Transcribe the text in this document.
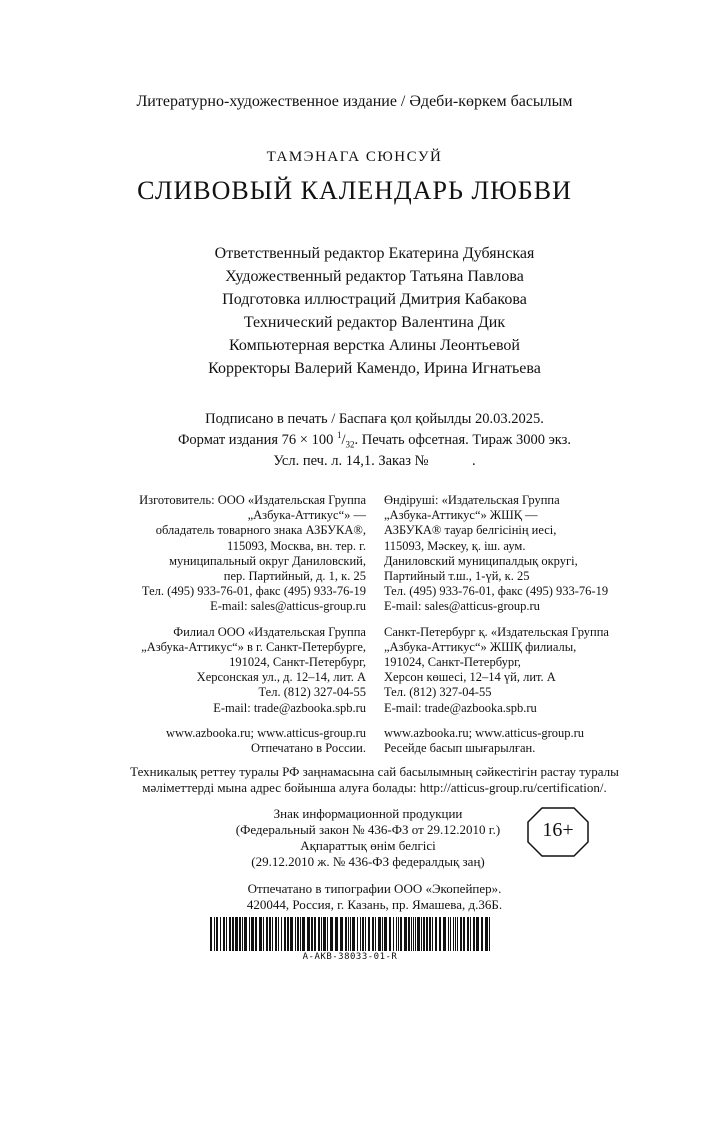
Литературно-художественное издание / Әдеби-көркем басылым
ТАМЭНАГА СЮНСУЙ
СЛИВОВЫЙ КАЛЕНДАРЬ ЛЮБВИ
Ответственный редактор Екатерина Дубянская
Художественный редактор Татьяна Павлова
Подготовка иллюстраций Дмитрия Кабакова
Технический редактор Валентина Дик
Компьютерная верстка Алины Леонтьевой
Корректоры Валерий Камендо, Ирина Игнатьева
Подписано в печать / Баспаға қол қойылды 20.03.2025.
Формат издания 76 × 100 $^1/_{32}$. Печать офсетная. Тираж 3000 экз.
Усл. печ. л. 14,1. Заказ №            .
Изготовитель: ООО «Издательская Группа
„Азбука-Аттикус“» —
обладатель товарного знака АЗБУКА®,
115093, Москва, вн. тер. г.
муниципальный округ Даниловский,
пер. Партийный, д. 1, к. 25
Тел. (495) 933-76-01, факс (495) 933-76-19
E-mail: sales@atticus-group.ru
Филиал ООО «Издательская Группа
„Азбука-Аттикус“» в г. Санкт-Петербурге,
191024, Санкт-Петербург,
Херсонская ул., д. 12–14, лит. А
Тел. (812) 327-04-55
E-mail: trade@azbooka.spb.ru
www.azbooka.ru; www.atticus-group.ru
Отпечатано в России.
Өндіруші: «Издательская Группа
„Азбука-Аттикус“» ЖШҚ —
АЗБУКА® тауар белгісінің иесі,
115093, Мәскеу, қ. іш. аум.
Даниловский муниципалдық округі,
Партийный т.ш., 1-үй, к. 25
Тел. (495) 933-76-01, факс (495) 933-76-19
E-mail: sales@atticus-group.ru
Санкт-Петербург қ. «Издательская Группа
„Азбука-Аттикус“» ЖШҚ филиалы,
191024, Санкт-Петербург,
Херсон көшесі, 12–14 үй, лит. А
Тел. (812) 327-04-55
E-mail: trade@azbooka.spb.ru
www.azbooka.ru; www.atticus-group.ru
Ресейде басып шығарылған.
Техникалық реттеу туралы РФ заңнамасына сай басылымның сәйкестігін растау туралы
мәліметтерді мына адрес бойынша алуға болады: http://atticus-group.ru/certification/.
Знак информационной продукции
(Федеральный закон № 436-ФЗ от 29.12.2010 г.)
Ақпараттық өнім белгісі
(29.12.2010 ж. № 436-ФЗ федералдық заң)
16+
Отпечатано в типографии ООО «Экопейпер».
420044, Россия, г. Казань, пр. Ямашева, д.36Б.
A-AKB-38033-01-R
